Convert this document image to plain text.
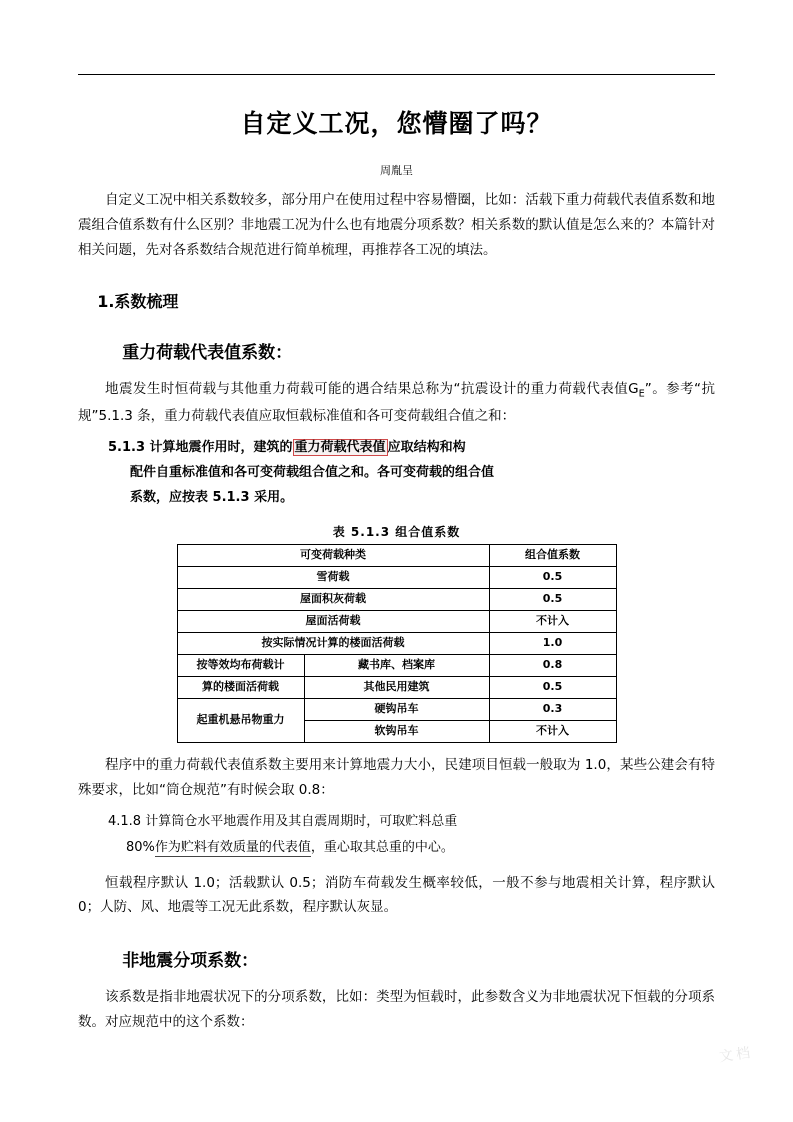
自定义工况，您懵圈了吗？
周胤呈

自定义工况中相关系数较多，部分用户在使用过程中容易懵圈，比如：活载下重力荷载代表值系数和地震组合值系数有什么区别？非地震工况为什么也有地震分项系数？相关系数的默认值是怎么来的？本篇针对相关问题，先对各系数结合规范进行简单梳理，再推荐各工况的填法。

1.系数梳理
重力荷载代表值系数：

地震发生时恒荷载与其他重力荷载可能的遇合结果总称为“抗震设计的重力荷载代表值$G_E$”。参考“抗规”5.1.3 条，重力荷载代表值应取恒载标准值和各可变荷载组合值之和：

5.1.3 计算地震作用时，建筑的 重力荷载代表值 应取结构和构
配件自重标准值和各可变荷载组合值之和。各可变荷载的组合值
系数，应按表 5.1.3 采用。
表 5.1.3 组合值系数
可变荷载种类		组合值系数
雪荷载		0.5
屋面积灰荷载		0.5
屋面活荷载		不计入
按实际情况计算的楼面活荷载		1.0
按等效均布荷载计	藏书库、档案库	0.8
算的楼面活荷载	其他民用建筑	0.5
起重机悬吊物重力	硬钩吊车	0.3
	软钩吊车	不计入

程序中的重力荷载代表值系数主要用来计算地震力大小，民建项目恒载一般取为 1.0，某些公建会有特殊要求，比如“筒仓规范”有时候会取 0.8：

4.1.8 计算筒仓水平地震作用及其自震周期时，可取贮料总重
80%作为贮料有效质量的代表值，重心取其总重的中心。

恒载程序默认 1.0；活载默认 0.5；消防车荷载发生概率较低，一般不参与地震相关计算，程序默认 0；人防、风、地震等工况无此系数，程序默认灰显。

非地震分项系数：

该系数是指非地震状况下的分项系数，比如：类型为恒载时，此参数含义为非地震状况下恒载的分项系数。对应规范中的这个系数：

文档
